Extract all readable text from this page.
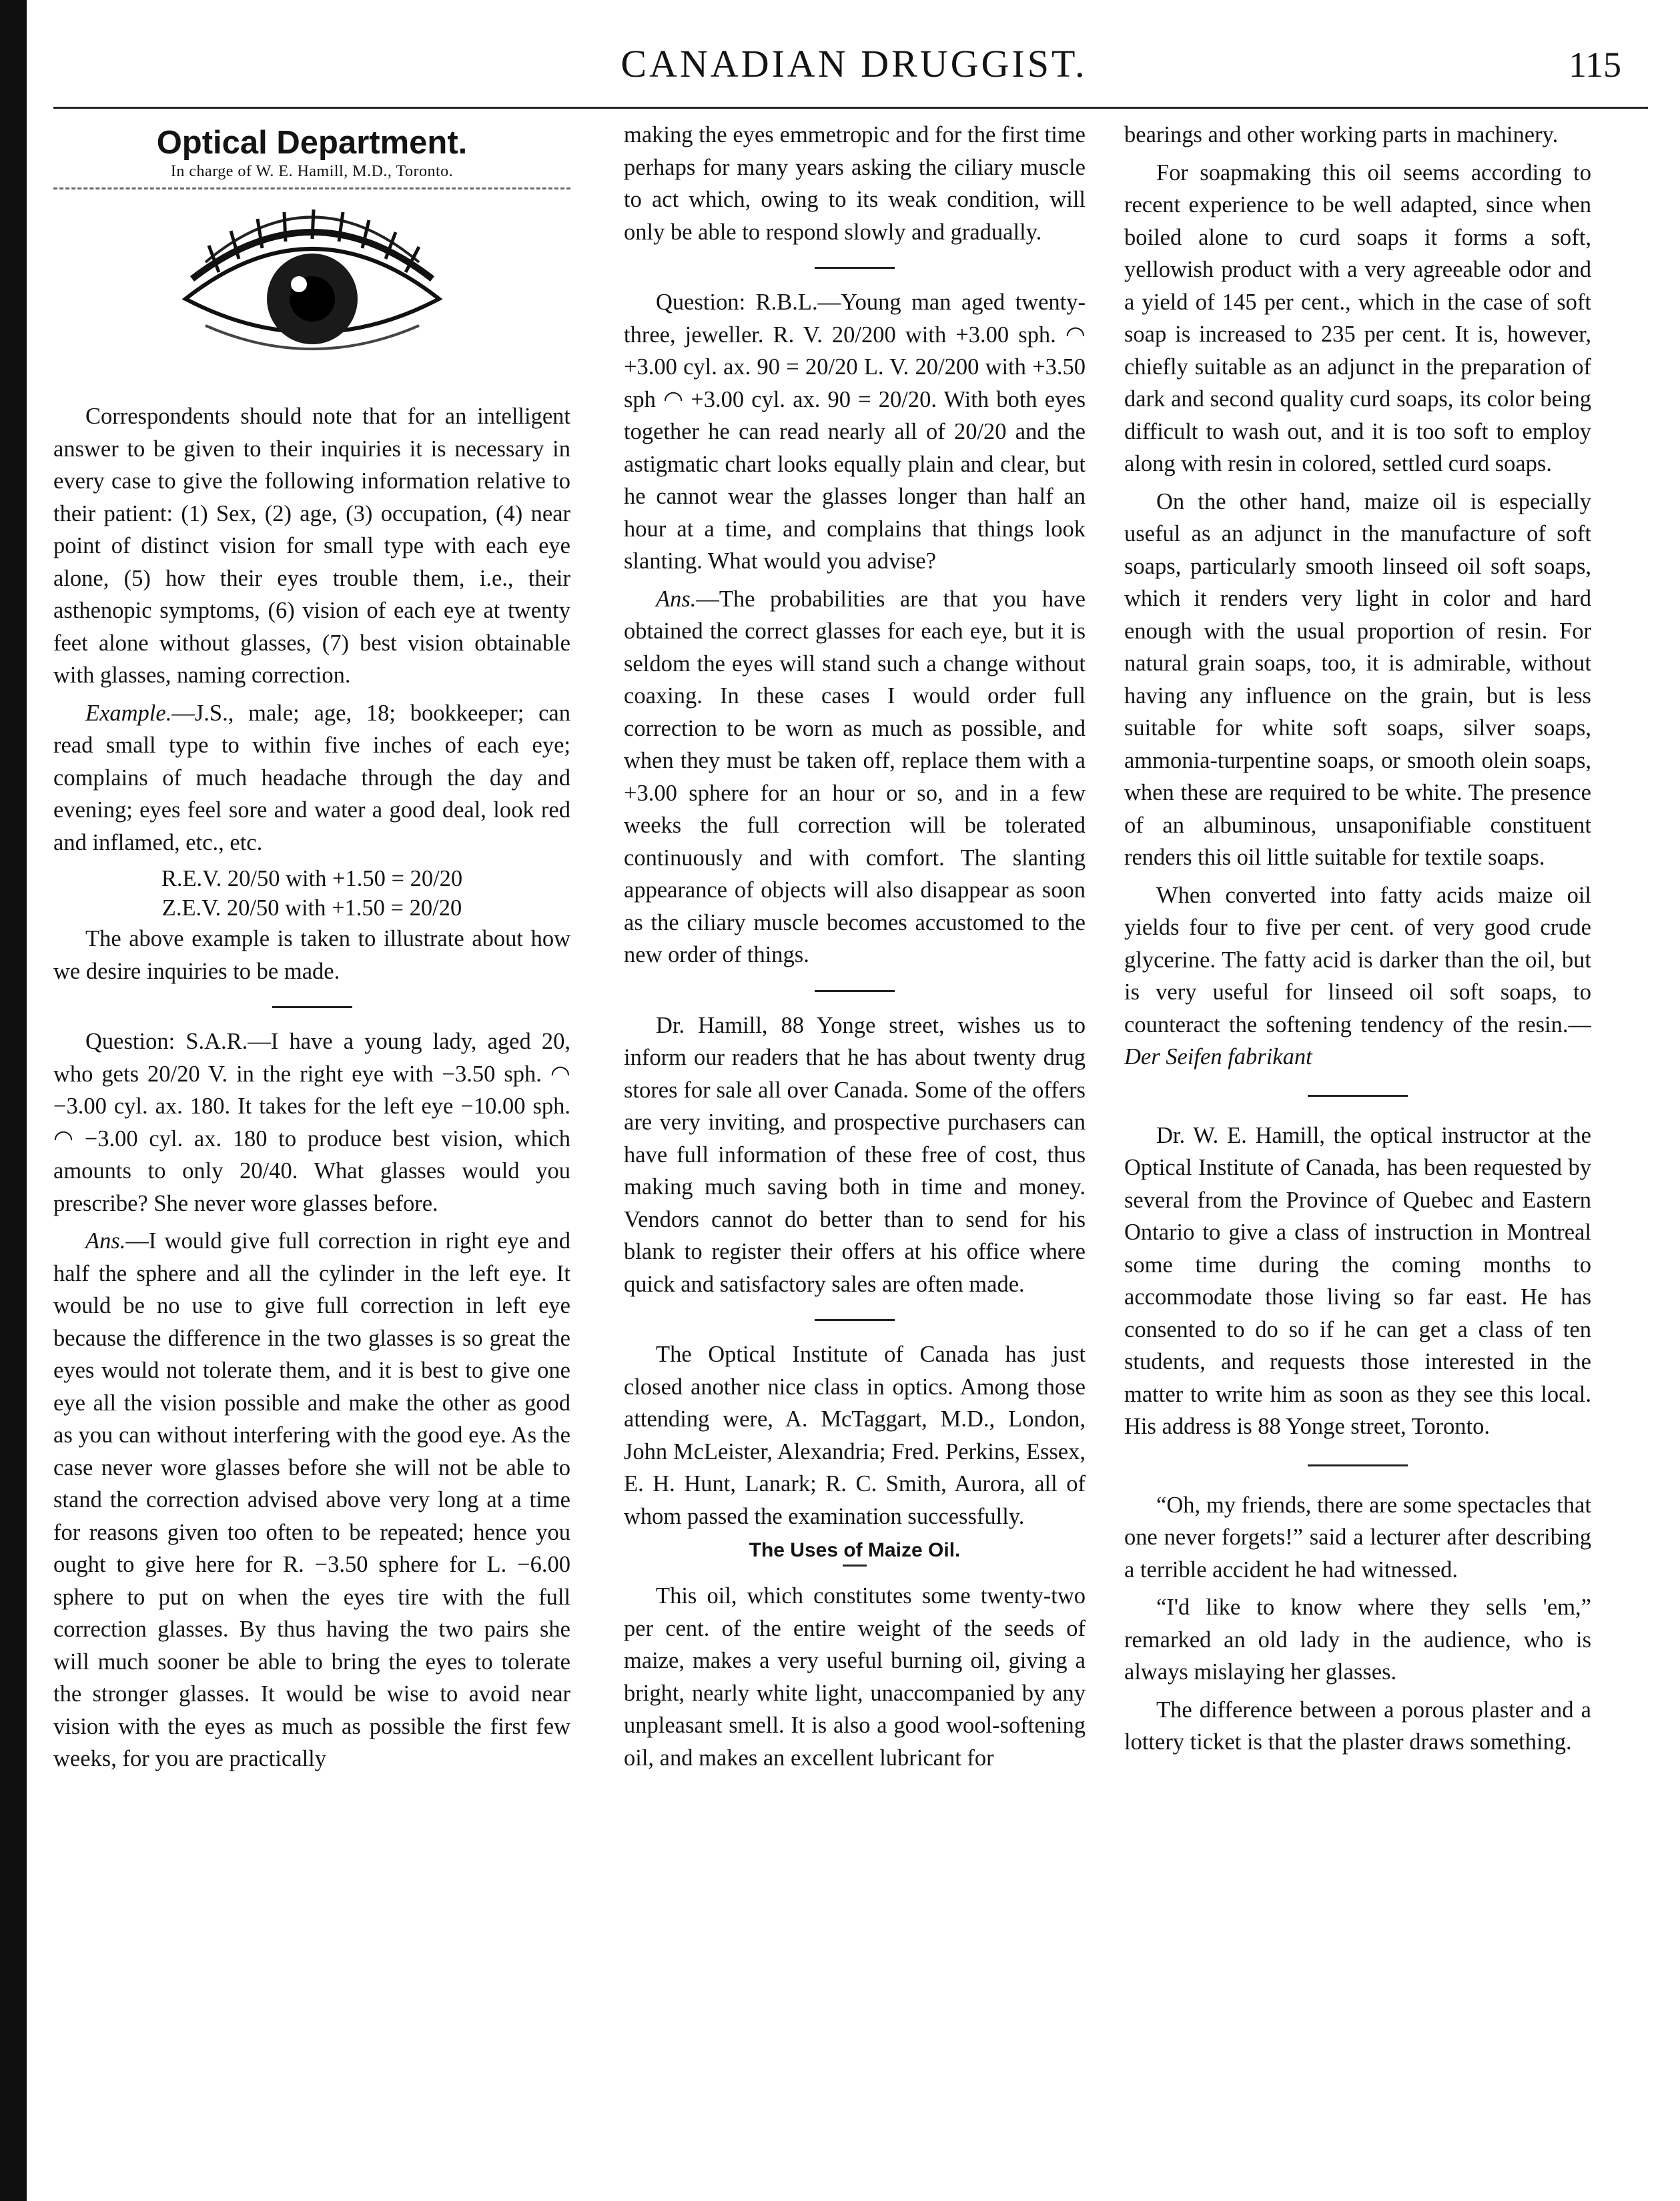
CANADIAN DRUGGIST.	115
Optical Department.
In charge of W. E. Hamill, M.D., Toronto.

Correspondents should note that for an intelligent answer to be given to their inquiries it is necessary in every case to give the following information relative to their patient: (1) Sex, (2) age, (3) occupation, (4) near point of distinct vision for small type with each eye alone, (5) how their eyes trouble them, i.e., their asthenopic symptoms, (6) vision of each eye at twenty feet alone without glasses, (7) best vision obtainable with glasses, naming correction.

Example.—J.S., male; age, 18; bookkeeper; can read small type to within five inches of each eye; complains of much headache through the day and evening; eyes feel sore and water a good deal, look red and inflamed, etc., etc.

R.E.V. 20/50 with +1.50 = 20/20
Z.E.V. 20/50 with +1.50 = 20/20

The above example is taken to illustrate about how we desire inquiries to be made.

Question: S.A.R.—I have a young lady, aged 20, who gets 20/20 V. in the right eye with −3.50 sph. ◠ −3.00 cyl. ax. 180. It takes for the left eye −10.00 sph. ◠ −3.00 cyl. ax. 180 to produce best vision, which amounts to only 20/40. What glasses would you prescribe? She never wore glasses before.

Ans.—I would give full correction in right eye and half the sphere and all the cylinder in the left eye. It would be no use to give full correction in left eye because the difference in the two glasses is so great the eyes would not tolerate them, and it is best to give one eye all the vision possible and make the other as good as you can without interfering with the good eye. As the case never wore glasses before she will not be able to stand the correction advised above very long at a time for reasons given too often to be repeated; hence you ought to give here for R. −3.50 sphere for L. −6.00 sphere to put on when the eyes tire with the full correction glasses. By thus having the two pairs she will much sooner be able to bring the eyes to tolerate the stronger glasses. It would be wise to avoid near vision with the eyes as much as possible the first few weeks, for you are practically

making the eyes emmetropic and for the first time perhaps for many years asking the ciliary muscle to act which, owing to its weak condition, will only be able to respond slowly and gradually.

Question: R.B.L.—Young man aged twenty-three, jeweller. R. V. 20/200 with +3.00 sph. ◠ +3.00 cyl. ax. 90 = 20/20 L. V. 20/200 with +3.50 sph ◠ +3.00 cyl. ax. 90 = 20/20. With both eyes together he can read nearly all of 20/20 and the astigmatic chart looks equally plain and clear, but he cannot wear the glasses longer than half an hour at a time, and complains that things look slanting. What would you advise?

Ans.—The probabilities are that you have obtained the correct glasses for each eye, but it is seldom the eyes will stand such a change without coaxing. In these cases I would order full correction to be worn as much as possible, and when they must be taken off, replace them with a +3.00 sphere for an hour or so, and in a few weeks the full correction will be tolerated continuously and with comfort. The slanting appearance of objects will also disappear as soon as the ciliary muscle becomes accustomed to the new order of things.

Dr. Hamill, 88 Yonge street, wishes us to inform our readers that he has about twenty drug stores for sale all over Canada. Some of the offers are very inviting, and prospective purchasers can have full information of these free of cost, thus making much saving both in time and money. Vendors cannot do better than to send for his blank to register their offers at his office where quick and satisfactory sales are often made.

The Optical Institute of Canada has just closed another nice class in optics. Among those attending were, A. McTaggart, M.D., London, John McLeister, Alexandria; Fred. Perkins, Essex, E. H. Hunt, Lanark; R. C. Smith, Aurora, all of whom passed the examination successfully.

The Uses of Maize Oil.

This oil, which constitutes some twenty-two per cent. of the entire weight of the seeds of maize, makes a very useful burning oil, giving a bright, nearly white light, unaccompanied by any unpleasant smell. It is also a good wool-softening oil, and makes an excellent lubricant for

bearings and other working parts in machinery.

For soapmaking this oil seems according to recent experience to be well adapted, since when boiled alone to curd soaps it forms a soft, yellowish product with a very agreeable odor and a yield of 145 per cent., which in the case of soft soap is increased to 235 per cent. It is, however, chiefly suitable as an adjunct in the preparation of dark and second quality curd soaps, its color being difficult to wash out, and it is too soft to employ along with resin in colored, settled curd soaps.

On the other hand, maize oil is especially useful as an adjunct in the manufacture of soft soaps, particularly smooth linseed oil soft soaps, which it renders very light in color and hard enough with the usual proportion of resin. For natural grain soaps, too, it is admirable, without having any influence on the grain, but is less suitable for white soft soaps, silver soaps, ammonia-turpentine soaps, or smooth olein soaps, when these are required to be white. The presence of an albuminous, unsaponifiable constituent renders this oil little suitable for textile soaps.

When converted into fatty acids maize oil yields four to five per cent. of very good crude glycerine. The fatty acid is darker than the oil, but is very useful for linseed oil soft soaps, to counteract the softening tendency of the resin.—Der Seifen fabrikant

Dr. W. E. Hamill, the optical instructor at the Optical Institute of Canada, has been requested by several from the Province of Quebec and Eastern Ontario to give a class of instruction in Montreal some time during the coming months to accommodate those living so far east. He has consented to do so if he can get a class of ten students, and requests those interested in the matter to write him as soon as they see this local. His address is 88 Yonge street, Toronto.

“Oh, my friends, there are some spectacles that one never forgets!” said a lecturer after describing a terrible accident he had witnessed.

“I'd like to know where they sells 'em,” remarked an old lady in the audience, who is always mislaying her glasses.

The difference between a porous plaster and a lottery ticket is that the plaster draws something.
